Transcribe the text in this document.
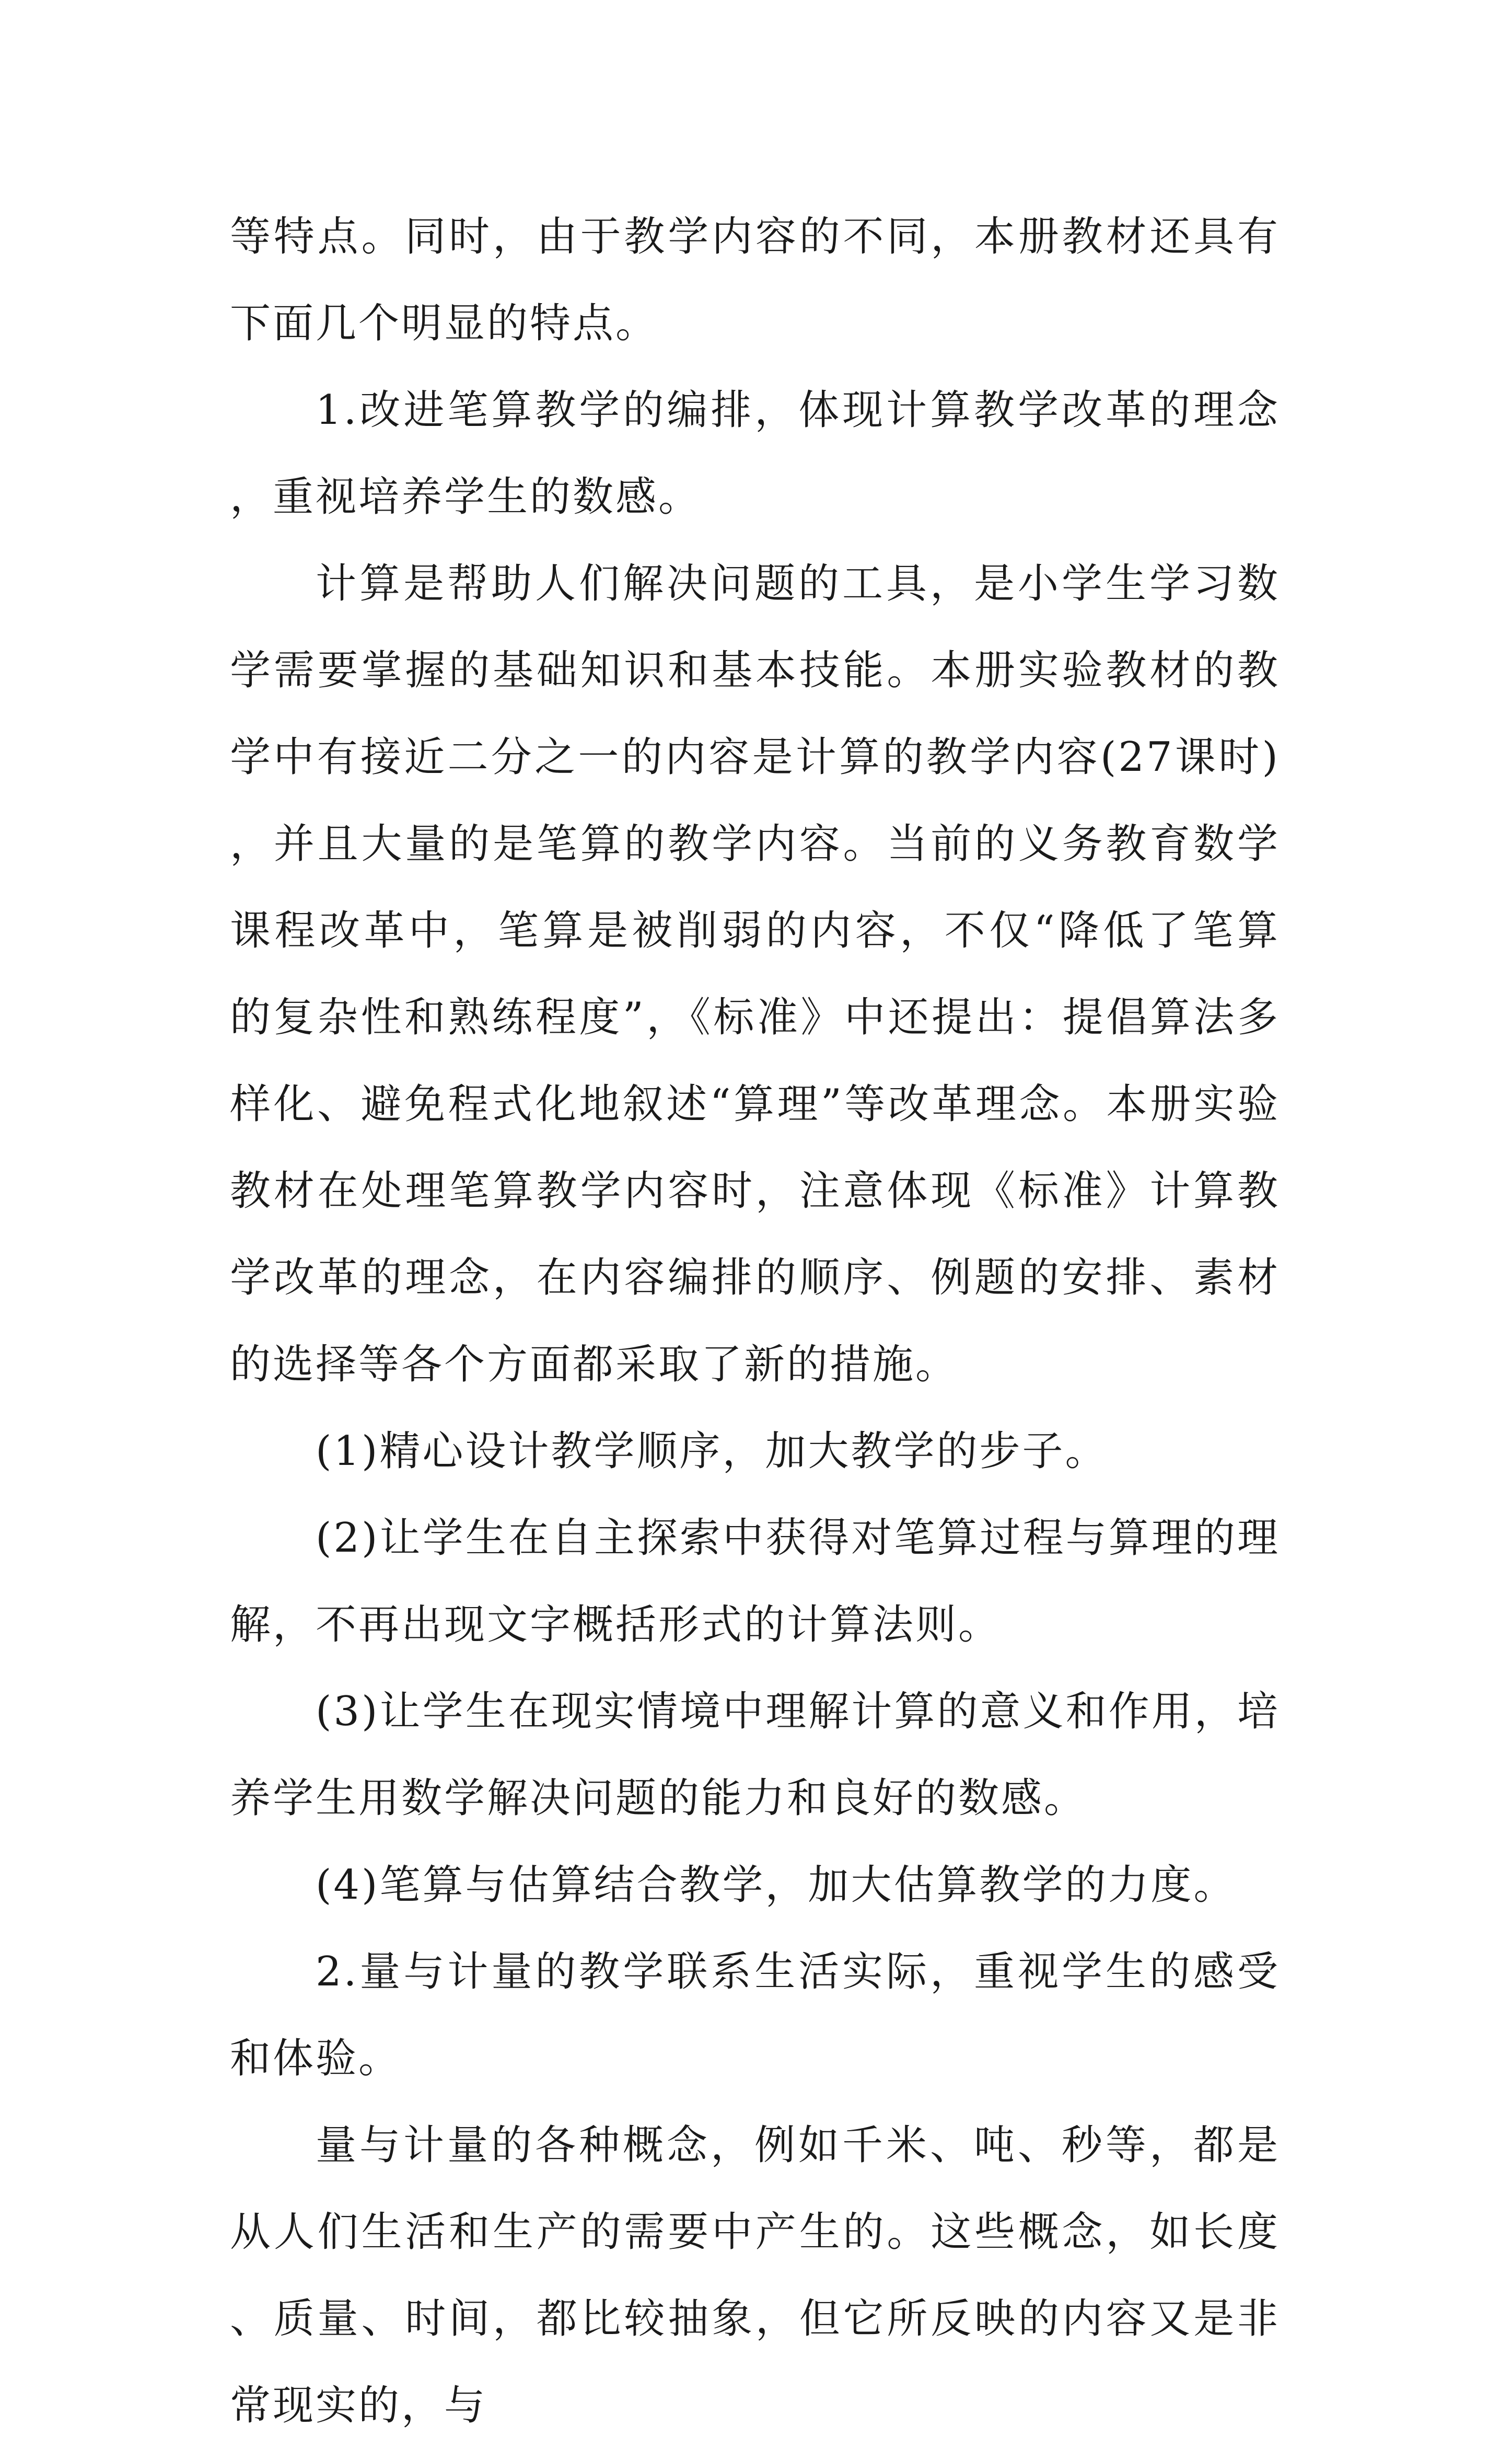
等特点。同时，由于教学内容的不同，本册教材还具有下面几个明显的特点。

1.改进笔算教学的编排，体现计算教学改革的理念，重视培养学生的数感。

计算是帮助人们解决问题的工具，是小学生学习数学需要掌握的基础知识和基本技能。本册实验教材的教学中有接近二分之一的内容是计算的教学内容(27课时)，并且大量的是笔算的教学内容。当前的义务教育数学课程改革中，笔算是被削弱的内容，不仅“降低了笔算的复杂性和熟练程度”，《标准》中还提出：提倡算法多样化、避免程式化地叙述“算理”等改革理念。本册实验教材在处理笔算教学内容时，注意体现《标准》计算教学改革的理念，在内容编排的顺序、例题的安排、素材的选择等各个方面都采取了新的措施。

(1)精心设计教学顺序，加大教学的步子。

(2)让学生在自主探索中获得对笔算过程与算理的理解，不再出现文字概括形式的计算法则。

(3)让学生在现实情境中理解计算的意义和作用，培养学生用数学解决问题的能力和良好的数感。

(4)笔算与估算结合教学，加大估算教学的力度。

2.量与计量的教学联系生活实际，重视学生的感受和体验。

量与计量的各种概念，例如千米、吨、秒等，都是从人们生活和生产的需要中产生的。这些概念，如长度、质量、时间，都比较抽象，但它所反映的内容又是非常现实的，与
